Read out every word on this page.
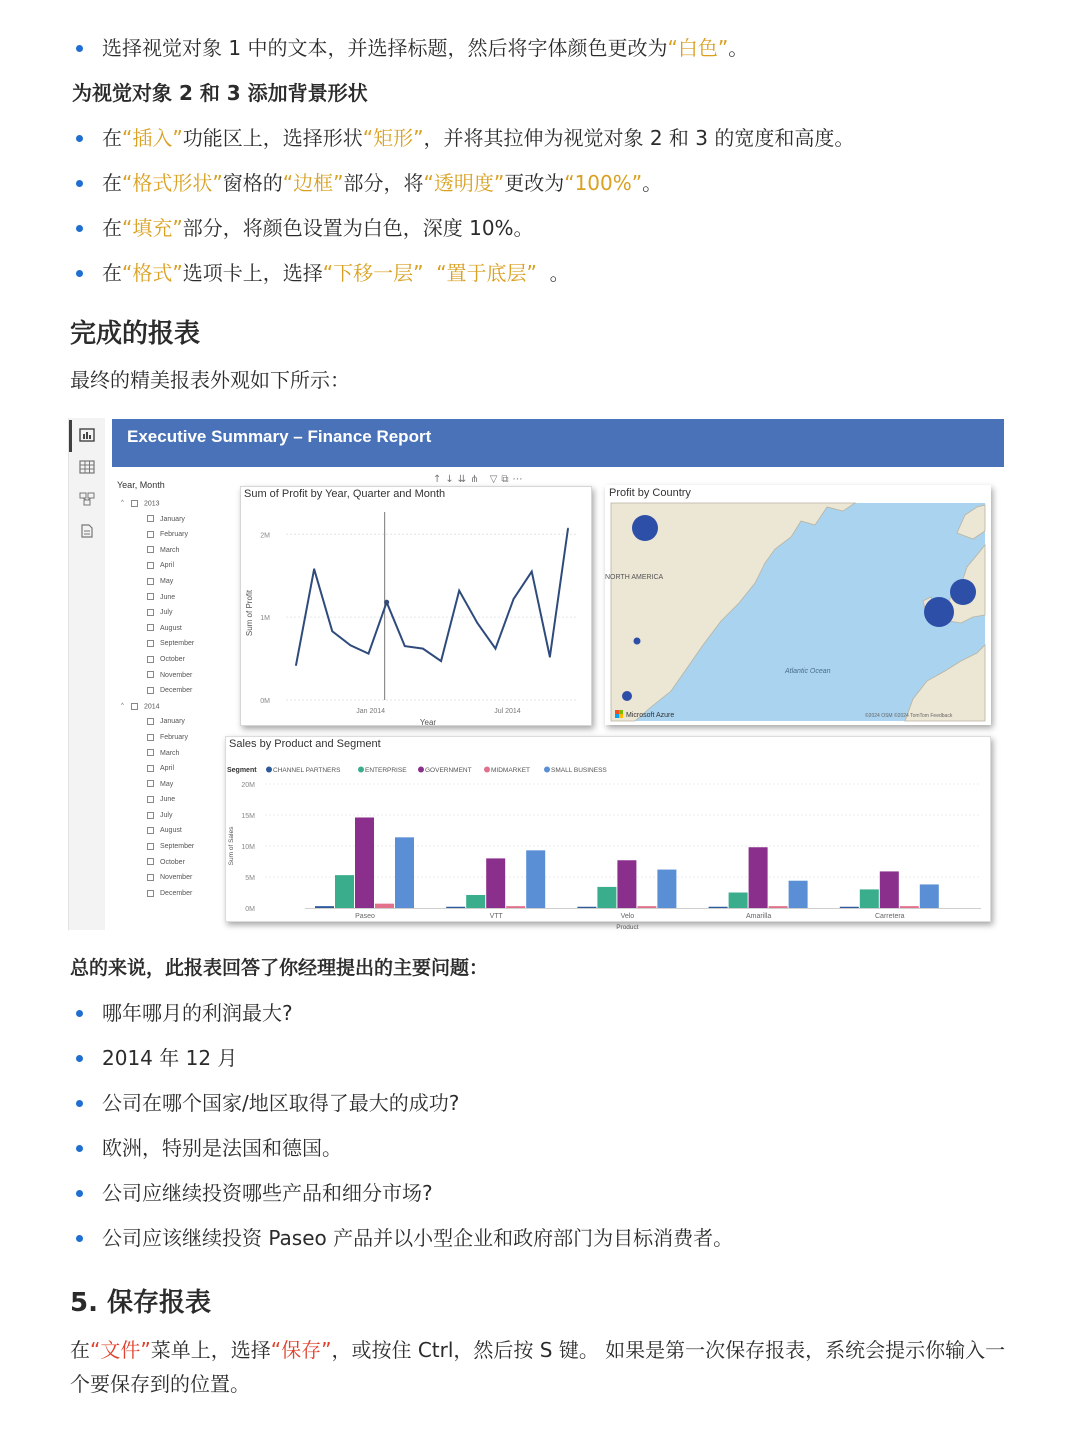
选择视觉对象 1 中的文本，并选择标题，然后将字体颜色更改为“白色”。
为视觉对象 2 和 3 添加背景形状
在“插入”功能区上，选择形状“矩形”，并将其拉伸为视觉对象 2 和 3 的宽度和高度。
在“格式形状”窗格的“边框”部分，将“透明度”更改为“100%”。
在“填充”部分，将颜色设置为白色，深度 10%。
在“格式”选项卡上，选择“下移一层” “置于底层” 。
完成的报表
最终的精美报表外观如下所示：
Executive Summary – Finance Report
Year, Month
^	2013
January
February
March
April
May
June
July
August
September
October
November
December
^	2014
January
February
March
April
May
June
July
August
September
October
November
December
↑↓⇊⋔ ▽⧉⋯
Sum of Profit by Year, Quarter and Month
0M
1M
2M
Sum of Profit
Jan 2014	Jul 2014
Year
Profit by Country
NORTH AMERICA
Atlantic Ocean
Microsoft Azure	©2024 OSM ©2024 TomTom Feedback
Sales by Product and Segment
Segment	CHANNEL PARTNERS	ENTERPRISE	GOVERNMENT	MIDMARKET	SMALL BUSINESS
0M
5M
10M
15M
20M
Sum of Sales
Paseo	VTT	Velo	Amarilla	Carretera
Product
总的来说，此报表回答了你经理提出的主要问题：
哪年哪月的利润最大?
2014 年 12 月
公司在哪个国家/地区取得了最大的成功?
欧洲，特别是法国和德国。
公司应继续投资哪些产品和细分市场?
公司应该继续投资 Paseo 产品并以小型企业和政府部门为目标消费者。
5. 保存报表
在“文件”菜单上，选择“保存”，或按住 Ctrl，然后按 S 键。 如果是第一次保存报表，系统会提示你输入一个要保存到的位置。
